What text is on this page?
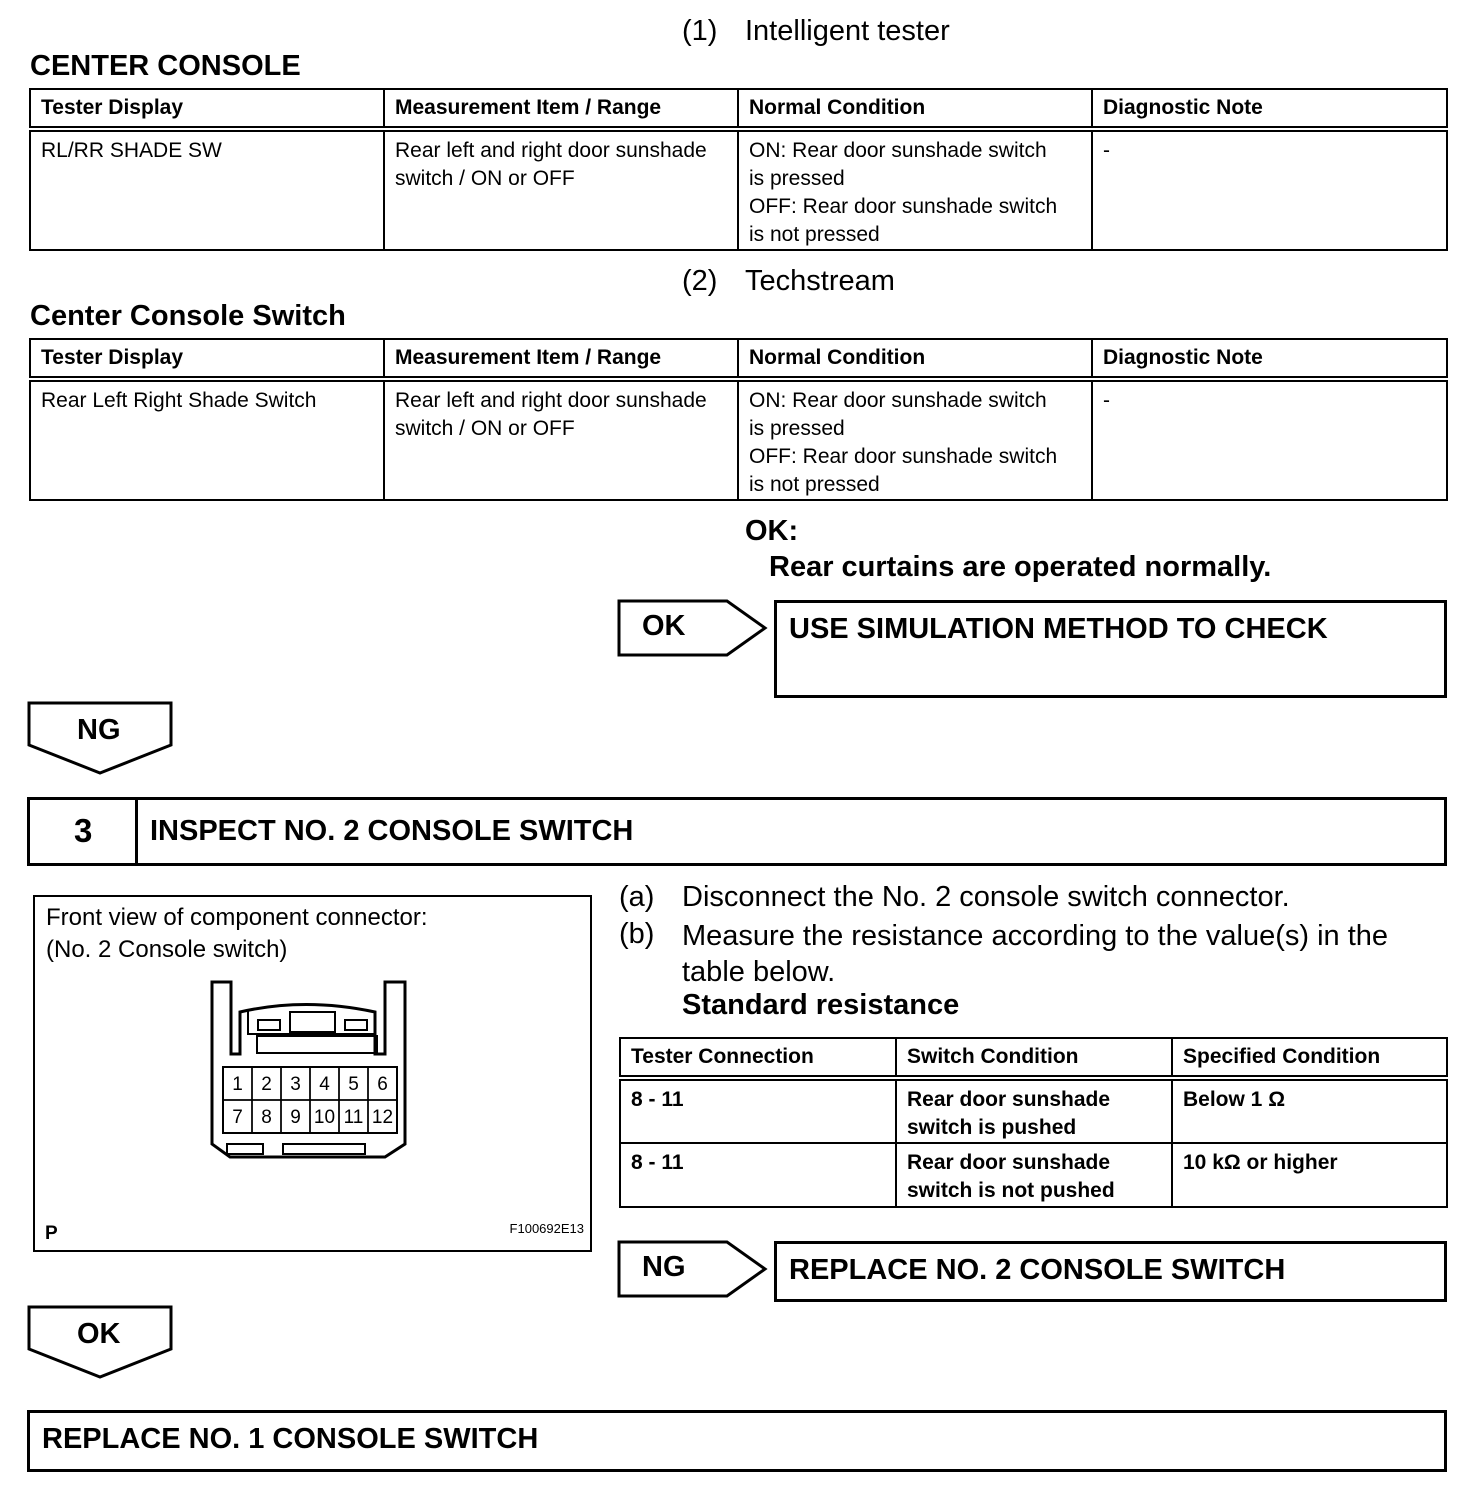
(1) Intelligent tester
CENTER CONSOLE
Tester Display	Measurement Item / Range	Normal Condition	Diagnostic Note
RL/RR SHADE SW	Rear left and right door sunshade
switch / ON or OFF	ON: Rear door sunshade switch
is pressed
OFF: Rear door sunshade switch
is not pressed	-
(2) Techstream
Center Console Switch
Tester Display	Measurement Item / Range	Normal Condition	Diagnostic Note
Rear Left Right Shade Switch	Rear left and right door sunshade
switch / ON or OFF	ON: Rear door sunshade switch
is pressed
OFF: Rear door sunshade switch
is not pressed	-
OK:
Rear curtains are operated normally.
OK	USE SIMULATION METHOD TO CHECK
NG
3 INSPECT NO. 2 CONSOLE SWITCH
Front view of component connector:
(No. 2 Console switch)
1 2 3 4 5 6
7 8 9 10 11 12
P	F100692E13
(a) Disconnect the No. 2 console switch connector.
(b) Measure the resistance according to the value(s) in the
table below.
Standard resistance
Tester Connection	Switch Condition	Specified Condition
8 - 11	Rear door sunshade
switch is pushed	Below 1 Ω
8 - 11	Rear door sunshade
switch is not pushed	10 kΩ or higher
NG	REPLACE NO. 2 CONSOLE SWITCH
OK
REPLACE NO. 1 CONSOLE SWITCH
